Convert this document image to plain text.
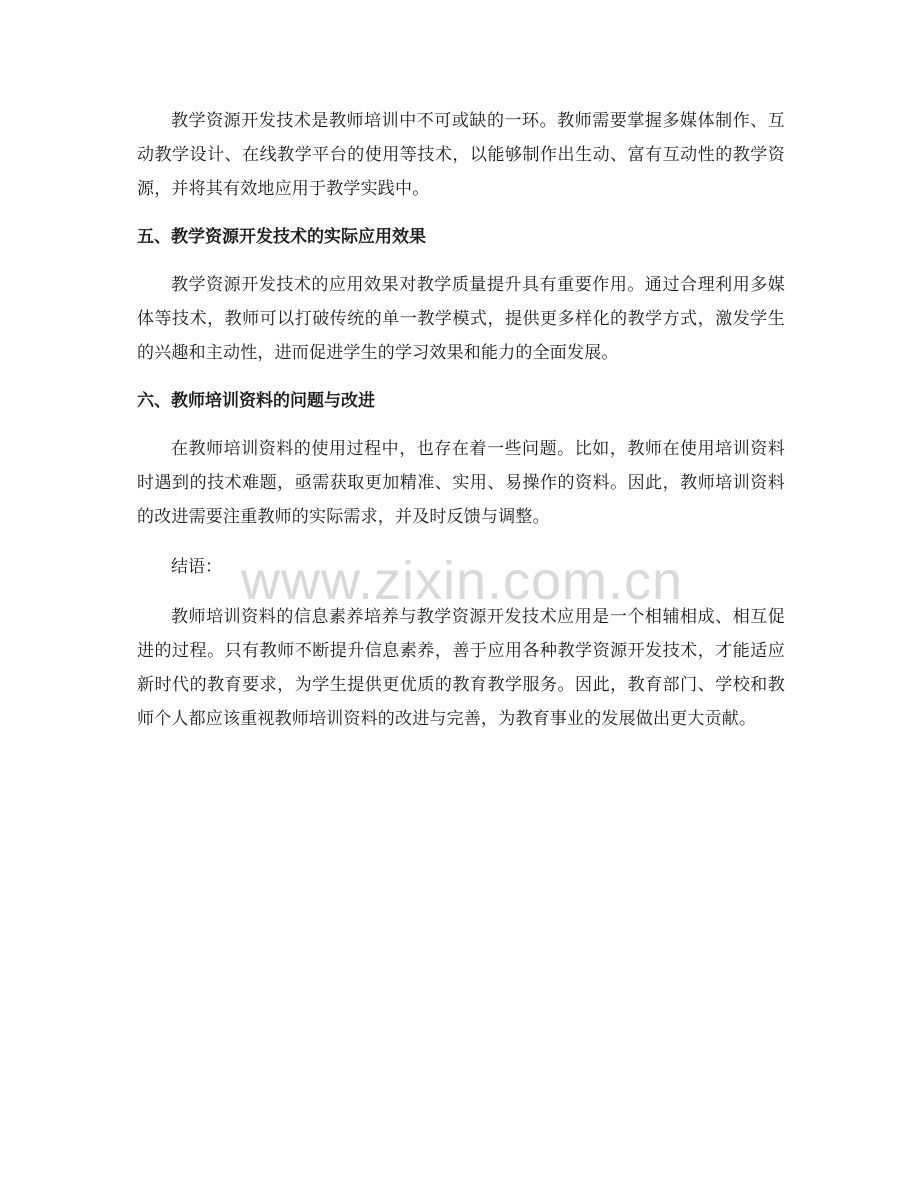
教学资源开发技术是教师培训中不可或缺的一环。教师需要掌握多媒体制作、互动教学设计、在线教学平台的使用等技术，以能够制作出生动、富有互动性的教学资源，并将其有效地应用于教学实践中。

五、教学资源开发技术的实际应用效果

教学资源开发技术的应用效果对教学质量提升具有重要作用。通过合理利用多媒体等技术，教师可以打破传统的单一教学模式，提供更多样化的教学方式，激发学生的兴趣和主动性，进而促进学生的学习效果和能力的全面发展。

六、教师培训资料的问题与改进

在教师培训资料的使用过程中，也存在着一些问题。比如，教师在使用培训资料时遇到的技术难题，亟需获取更加精准、实用、易操作的资料。因此，教师培训资料的改进需要注重教师的实际需求，并及时反馈与调整。

结语：

教师培训资料的信息素养培养与教学资源开发技术应用是一个相辅相成、相互促进的过程。只有教师不断提升信息素养，善于应用各种教学资源开发技术，才能适应新时代的教育要求，为学生提供更优质的教育教学服务。因此，教育部门、学校和教师个人都应该重视教师培训资料的改进与完善，为教育事业的发展做出更大贡献。

www.zixin.com.cn
